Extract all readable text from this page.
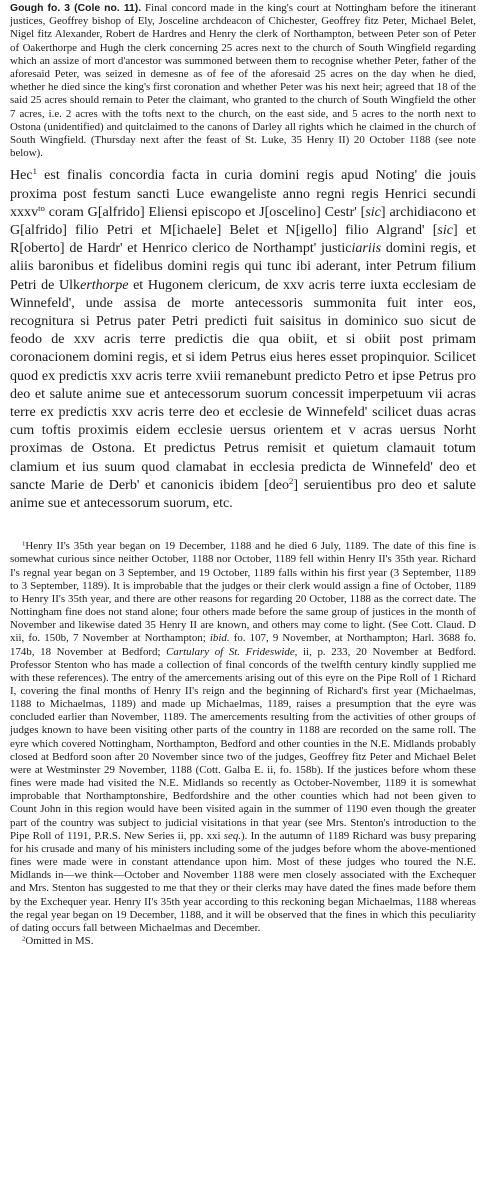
Gough fo. 3 (Cole no. 11). Final concord made in the king's court at Nottingham before the itinerant justices, Geoffrey bishop of Ely, Josceline archdeacon of Chichester, Geoffrey fitz Peter, Michael Belet, Nigel fitz Alexander, Robert de Hardres and Henry the clerk of Northampton, between Peter son of Peter of Oakerthorpe and Hugh the clerk concerning 25 acres next to the church of South Wingfield regarding which an assize of mort d'ancestor was summoned between them to recognise whether Peter, father of the aforesaid Peter, was seized in demesne as of fee of the aforesaid 25 acres on the day when he died, whether he died since the king's first coronation and whether Peter was his next heir; agreed that 18 of the said 25 acres should remain to Peter the claimant, who granted to the church of South Wingfield the other 7 acres, i.e. 2 acres with the tofts next to the church, on the east side, and 5 acres to the north next to Ostona (unidentified) and quitclaimed to the canons of Darley all rights which he claimed in the church of South Wingfield. (Thursday next after the feast of St. Luke, 35 Henry II) 20 October 1188 (see note below).

Hec$^1$ est finalis concordia facta in curia domini regis apud Noting' die jouis proxima post festum sancti Luce ewangeliste anno regni regis Henrici secundi xxxv$^{to}$ coram G[alfrido] Eliensi episcopo et J[oscelino] Cestr' [sic] archidiacono et G[alfrido] filio Petri et M[ichaele] Belet et N[igello] filio Algrand' [sic] et R[oberto] de Hardr' et Henrico clerico de Northampt' justiciariis domini regis, et aliis baronibus et fidelibus domini regis qui tunc ibi aderant, inter Petrum filium Petri de Ulkerthorpe et Hugonem clericum, de xxv acris terre iuxta ecclesiam de Winnefeld', unde assisa de morte antecessoris summonita fuit inter eos, recognitura si Petrus pater Petri predicti fuit saisitus in dominico suo sicut de feodo de xxv acris terre predictis die qua obiit, et si obiit post primam coronacionem domini regis, et si idem Petrus eius heres esset propinquior. Scilicet quod ex predictis xxv acris terre xviii remanebunt predicto Petro et ipse Petrus pro deo et salute anime sue et antecessorum suorum concessit imperpetuum vii acras terre ex predictis xxv acris terre deo et ecclesie de Winnefeld' scilicet duas acras cum toftis proximis eidem ecclesie uersus orientem et v acras uersus Norht proximas de Ostona. Et predictus Petrus remisit et quietum clamauit totum clamium et ius suum quod clamabat in ecclesia predicta de Winnefeld' deo et sancte Marie de Derb' et canonicis ibidem [deo$^2$] seruientibus pro deo et salute anime sue et antecessorum suorum, etc.

$^1$Henry II's 35th year began on 19 December, 1188 and he died 6 July, 1189. The date of this fine is somewhat curious since neither October, 1188 nor October, 1189 fell within Henry II's 35th year. Richard I's regnal year began on 3 September, and 19 October, 1189 falls within his first year (3 September, 1189 to 3 September, 1189). It is improbable that the judges or their clerk would assign a fine of October, 1189 to Henry II's 35th year, and there are other reasons for regarding 20 October, 1188 as the correct date. The Nottingham fine does not stand alone; four others made before the same group of justices in the month of November and likewise dated 35 Henry II are known, and others may come to light. (See Cott. Claud. D xii, fo. 150b, 7 November at Northampton; ibid. fo. 107, 9 November, at Northampton; Harl. 3688 fo. 174b, 18 November at Bedford; Cartulary of St. Frideswide, ii, p. 233, 20 November at Bedford. Professor Stenton who has made a collection of final concords of the twelfth century kindly supplied me with these references). The entry of the amercements arising out of this eyre on the Pipe Roll of 1 Richard I, covering the final months of Henry II's reign and the beginning of Richard's first year (Michaelmas, 1188 to Michaelmas, 1189) and made up Michaelmas, 1189, raises a presumption that the eyre was concluded earlier than November, 1189. The amercements resulting from the activities of other groups of judges known to have been visiting other parts of the country in 1188 are recorded on the same roll. The eyre which covered Nottingham, Northampton, Bedford and other counties in the N.E. Midlands probably closed at Bedford soon after 20 November since two of the judges, Geoffrey fitz Peter and Michael Belet were at Westminster 29 November, 1188 (Cott. Galba E. ii, fo. 158b). If the justices before whom these fines were made had visited the N.E. Midlands so recently as October-November, 1189 it is somewhat improbable that Northamptonshire, Bedfordshire and the other counties which had not been given to Count John in this region would have been visited again in the summer of 1190 even though the greater part of the country was subject to judicial visitations in that year (see Mrs. Stenton's introduction to the Pipe Roll of 1191, P.R.S. New Series ii, pp. xxi seq.). In the autumn of 1189 Richard was busy preparing for his crusade and many of his ministers including some of the judges before whom the above-mentioned fines were made were in constant attendance upon him. Most of these judges who toured the N.E. Midlands in—we think—October and November 1188 were men closely associated with the Exchequer and Mrs. Stenton has suggested to me that they or their clerks may have dated the fines made before them by the Exchequer year. Henry II's 35th year according to this reckoning began Michaelmas, 1188 whereas the regal year began on 19 December, 1188, and it will be observed that the fines in which this peculiarity of dating occurs fall between Michaelmas and December.

$^2$Omitted in MS.
